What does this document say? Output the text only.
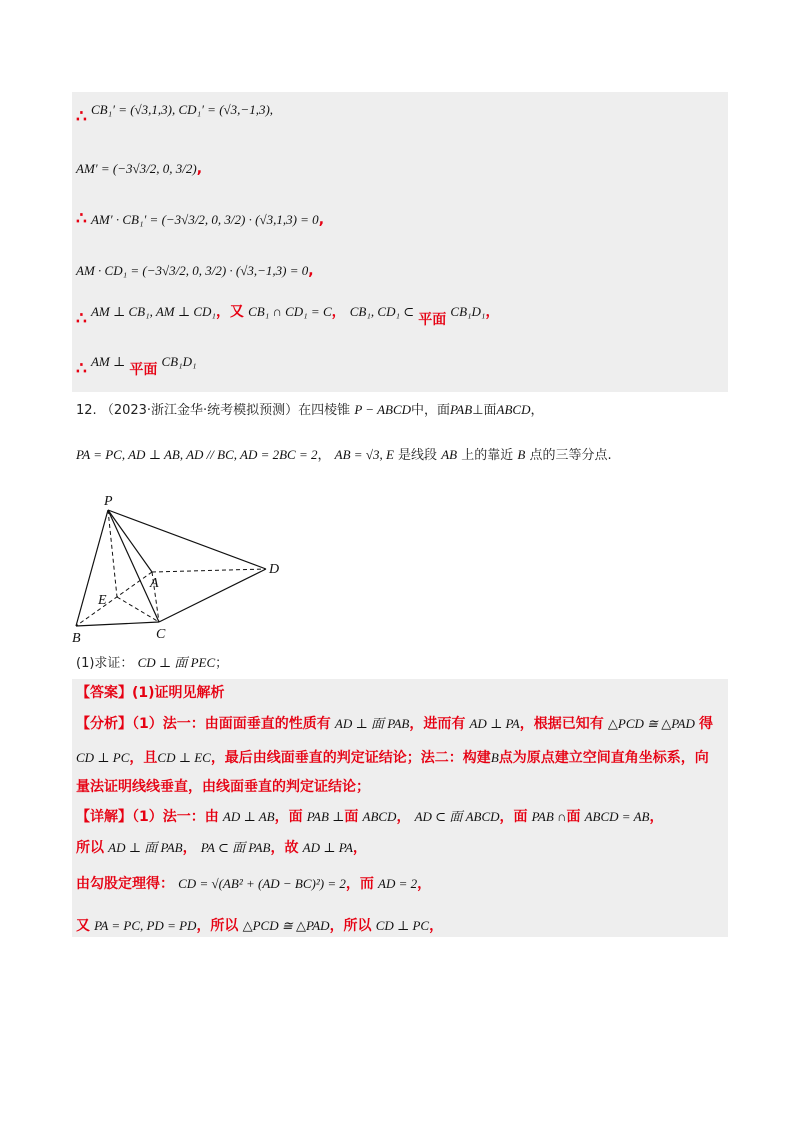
∴ CB₁′ = (√3,1,3), CD₁′ = (√3,−1,3),
AM′ = (−3√3/2, 0, 3/2),
∴ AM′ · CB₁′ = (−3√3/2, 0, 3/2) · (√3,1,3) = 0,
AM · CD₁ = (−3√3/2, 0, 3/2) · (√3,−1,3) = 0,
∴ AM ⊥ CB₁, AM ⊥ CD₁，又 CB₁ ∩ CD₁ = C， CB₁, CD₁ ⊂ 平面 CB₁D₁，
∴ AM ⊥ 平面 CB₁D₁
12. （2023·浙江金华·统考模拟预测）在四棱锥 P − ABCD中，面PAB⊥面ABCD，
PA = PC, AD ⊥ AB, AD // BC, AD = 2BC = 2， AB = √3, E 是线段 AB 上的靠近 B 点的三等分点.
P
A
E
B	C
D
(1)求证： CD ⊥ 面 PEC；
【答案】(1)证明见解析
【分析】（1）法一：由面面垂直的性质有 AD ⊥ 面 PAB，进而有 AD ⊥ PA，根据已知有 △PCD ≅ △PAD 得
CD ⊥ PC，且CD ⊥ EC，最后由线面垂直的判定证结论；法二：构建B点为原点建立空间直角坐标系，向
量法证明线线垂直，由线面垂直的判定证结论；
【详解】（1）法一：由 AD ⊥ AB，面 PAB ⊥面 ABCD， AD ⊂ 面 ABCD，面 PAB ∩面 ABCD = AB，
所以 AD ⊥ 面 PAB， PA ⊂ 面 PAB，故 AD ⊥ PA，
由勾股定理得： CD = √(AB² + (AD − BC)²) = 2，而 AD = 2，
又 PA = PC, PD = PD，所以 △PCD ≅ △PAD，所以 CD ⊥ PC，
